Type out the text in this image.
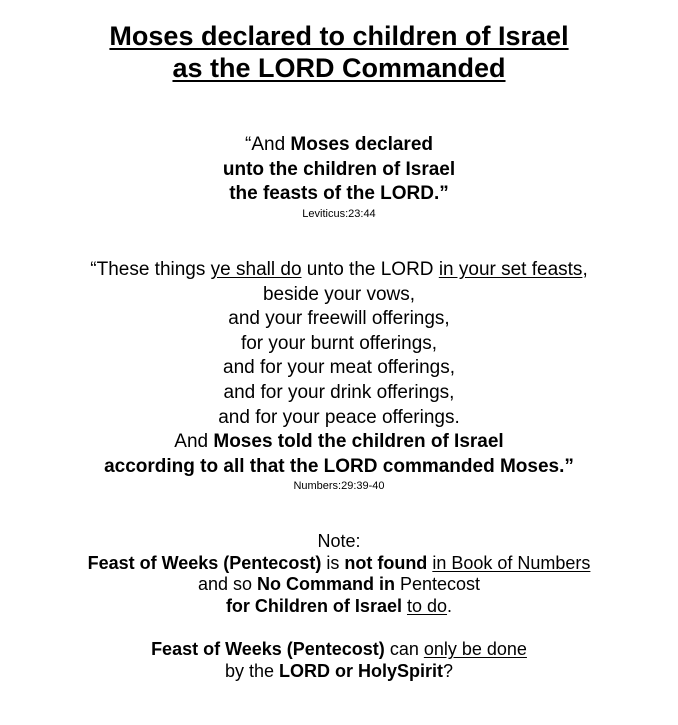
Moses declared to children of Israel
as the LORD Commanded
“And Moses declared
unto the children of Israel
the feasts of the LORD.”
Leviticus:23:44
“These things ye shall do unto the LORD in your set feasts,
beside your vows,
and your freewill offerings,
for your burnt offerings,
and for your meat offerings,
and for your drink offerings,
and for your peace offerings.
And Moses told the children of Israel
according to all that the LORD commanded Moses.”
Numbers:29:39-40
Note:
Feast of Weeks (Pentecost) is not found in Book of Numbers
and so No Command in Pentecost
for Children of Israel to do.
Feast of Weeks (Pentecost) can only be done
by the LORD or HolySpirit?
